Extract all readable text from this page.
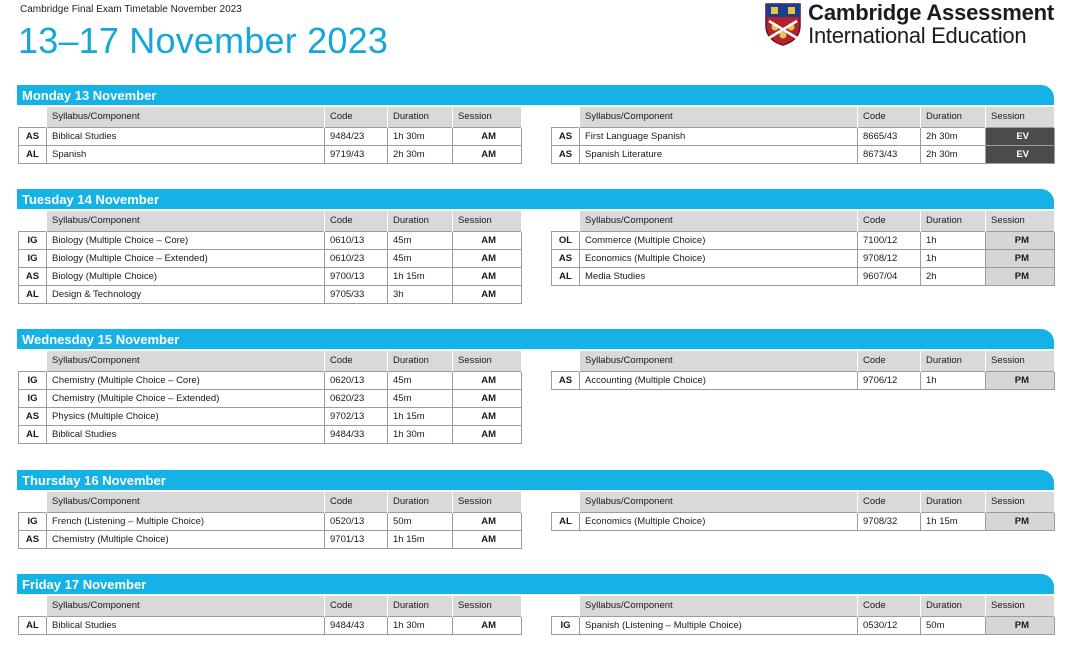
Cambridge Final Exam Timetable November 2023
13–17 November 2023
Cambridge Assessment
International Education
Monday 13 November
	Syllabus/Component	Code	Duration	Session
AS	Biblical Studies	9484/23	1h 30m	AM
AL	Spanish	9719/43	2h 30m	AM
	Syllabus/Component	Code	Duration	Session
AS	First Language Spanish	8665/43	2h 30m	EV
AS	Spanish Literature	8673/43	2h 30m	EV
Tuesday 14 November
	Syllabus/Component	Code	Duration	Session
IG	Biology (Multiple Choice – Core)	0610/13	45m	AM
IG	Biology (Multiple Choice – Extended)	0610/23	45m	AM
AS	Biology (Multiple Choice)	9700/13	1h 15m	AM
AL	Design & Technology	9705/33	3h	AM
	Syllabus/Component	Code	Duration	Session
OL	Commerce (Multiple Choice)	7100/12	1h	PM
AS	Economics (Multiple Choice)	9708/12	1h	PM
AL	Media Studies	9607/04	2h	PM
Wednesday 15 November
	Syllabus/Component	Code	Duration	Session
IG	Chemistry (Multiple Choice – Core)	0620/13	45m	AM
IG	Chemistry (Multiple Choice – Extended)	0620/23	45m	AM
AS	Physics (Multiple Choice)	9702/13	1h 15m	AM
AL	Biblical Studies	9484/33	1h 30m	AM
	Syllabus/Component	Code	Duration	Session
AS	Accounting (Multiple Choice)	9706/12	1h	PM
Thursday 16 November
	Syllabus/Component	Code	Duration	Session
IG	French (Listening – Multiple Choice)	0520/13	50m	AM
AS	Chemistry (Multiple Choice)	9701/13	1h 15m	AM
	Syllabus/Component	Code	Duration	Session
AL	Economics (Multiple Choice)	9708/32	1h 15m	PM
Friday 17 November
	Syllabus/Component	Code	Duration	Session
AL	Biblical Studies	9484/43	1h 30m	AM
	Syllabus/Component	Code	Duration	Session
IG	Spanish (Listening – Multiple Choice)	0530/12	50m	PM
